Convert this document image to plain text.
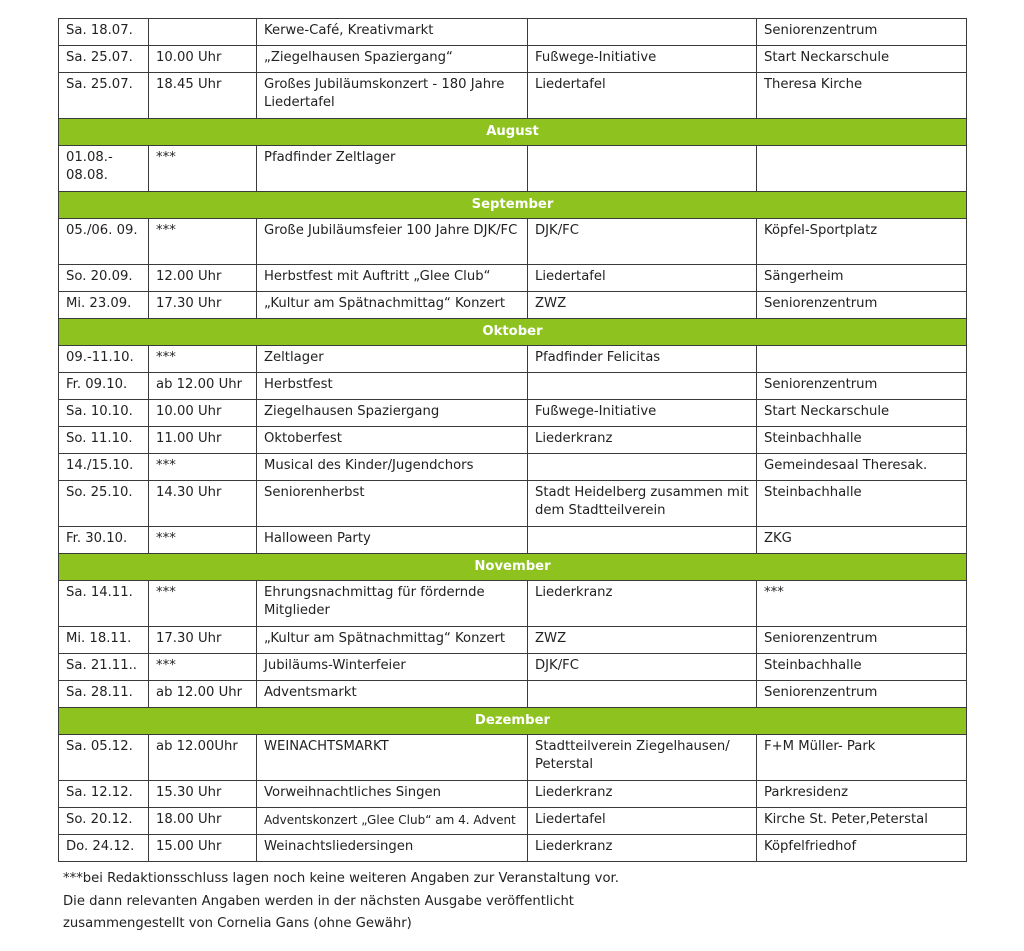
Sa. 18.07.		Kerwe-Café, Kreativmarkt		Seniorenzentrum
Sa. 25.07.	10.00 Uhr	„Ziegelhausen Spaziergang“	Fußwege-Initiative	Start Neckarschule
Sa. 25.07.	18.45 Uhr	Großes Jubiläumskonzert - 180 Jahre Liedertafel	Liedertafel	Theresa Kirche
August				
01.08.- 08.08.	***	Pfadfinder Zeltlager		
September				
05./06. 09.	***	Große Jubiläumsfeier 100 Jahre DJK/FC	DJK/FC	Köpfel-Sportplatz
So. 20.09.	12.00 Uhr	Herbstfest mit Auftritt „Glee Club“	Liedertafel	Sängerheim
Mi. 23.09.	17.30 Uhr	„Kultur am Spätnachmittag“ Konzert	ZWZ	Seniorenzentrum
Oktober				
09.-11.10.	***	Zeltlager	Pfadfinder Felicitas	
Fr. 09.10.	ab 12.00 Uhr	Herbstfest		Seniorenzentrum
Sa. 10.10.	10.00 Uhr	Ziegelhausen Spaziergang	Fußwege-Initiative	Start Neckarschule
So. 11.10.	11.00 Uhr	Oktoberfest	Liederkranz	Steinbachhalle
14./15.10.	***	Musical des Kinder/Jugendchors		Gemeindesaal Theresak.
So. 25.10.	14.30 Uhr	Seniorenherbst	Stadt Heidelberg zusammen mit dem Stadtteilverein	Steinbachhalle
Fr. 30.10.	***	Halloween Party		ZKG
November				
Sa. 14.11.	***	Ehrungsnachmittag für fördernde Mitglieder	Liederkranz	***
Mi. 18.11.	17.30 Uhr	„Kultur am Spätnachmittag“ Konzert	ZWZ	Seniorenzentrum
Sa. 21.11..	***	Jubiläums-Winterfeier	DJK/FC	Steinbachhalle
Sa. 28.11.	ab 12.00 Uhr	Adventsmarkt		Seniorenzentrum
Dezember				
Sa. 05.12.	ab 12.00Uhr	WEINACHTSMARKT	Stadtteilverein Ziegelhausen/ Peterstal	F+M Müller- Park
Sa. 12.12.	15.30 Uhr	Vorweihnachtliches Singen	Liederkranz	Parkresidenz
So. 20.12.	18.00 Uhr	Adventskonzert „Glee Club“ am 4. Advent	Liedertafel	Kirche St. Peter,Peterstal
Do. 24.12.	15.00 Uhr	Weinachtsliedersingen	Liederkranz	Köpfelfriedhof
***bei Redaktionsschluss lagen noch keine weiteren Angaben zur Veranstaltung vor.
Die dann relevanten Angaben werden in der nächsten Ausgabe veröffentlicht
zusammengestellt von Cornelia Gans (ohne Gewähr)
